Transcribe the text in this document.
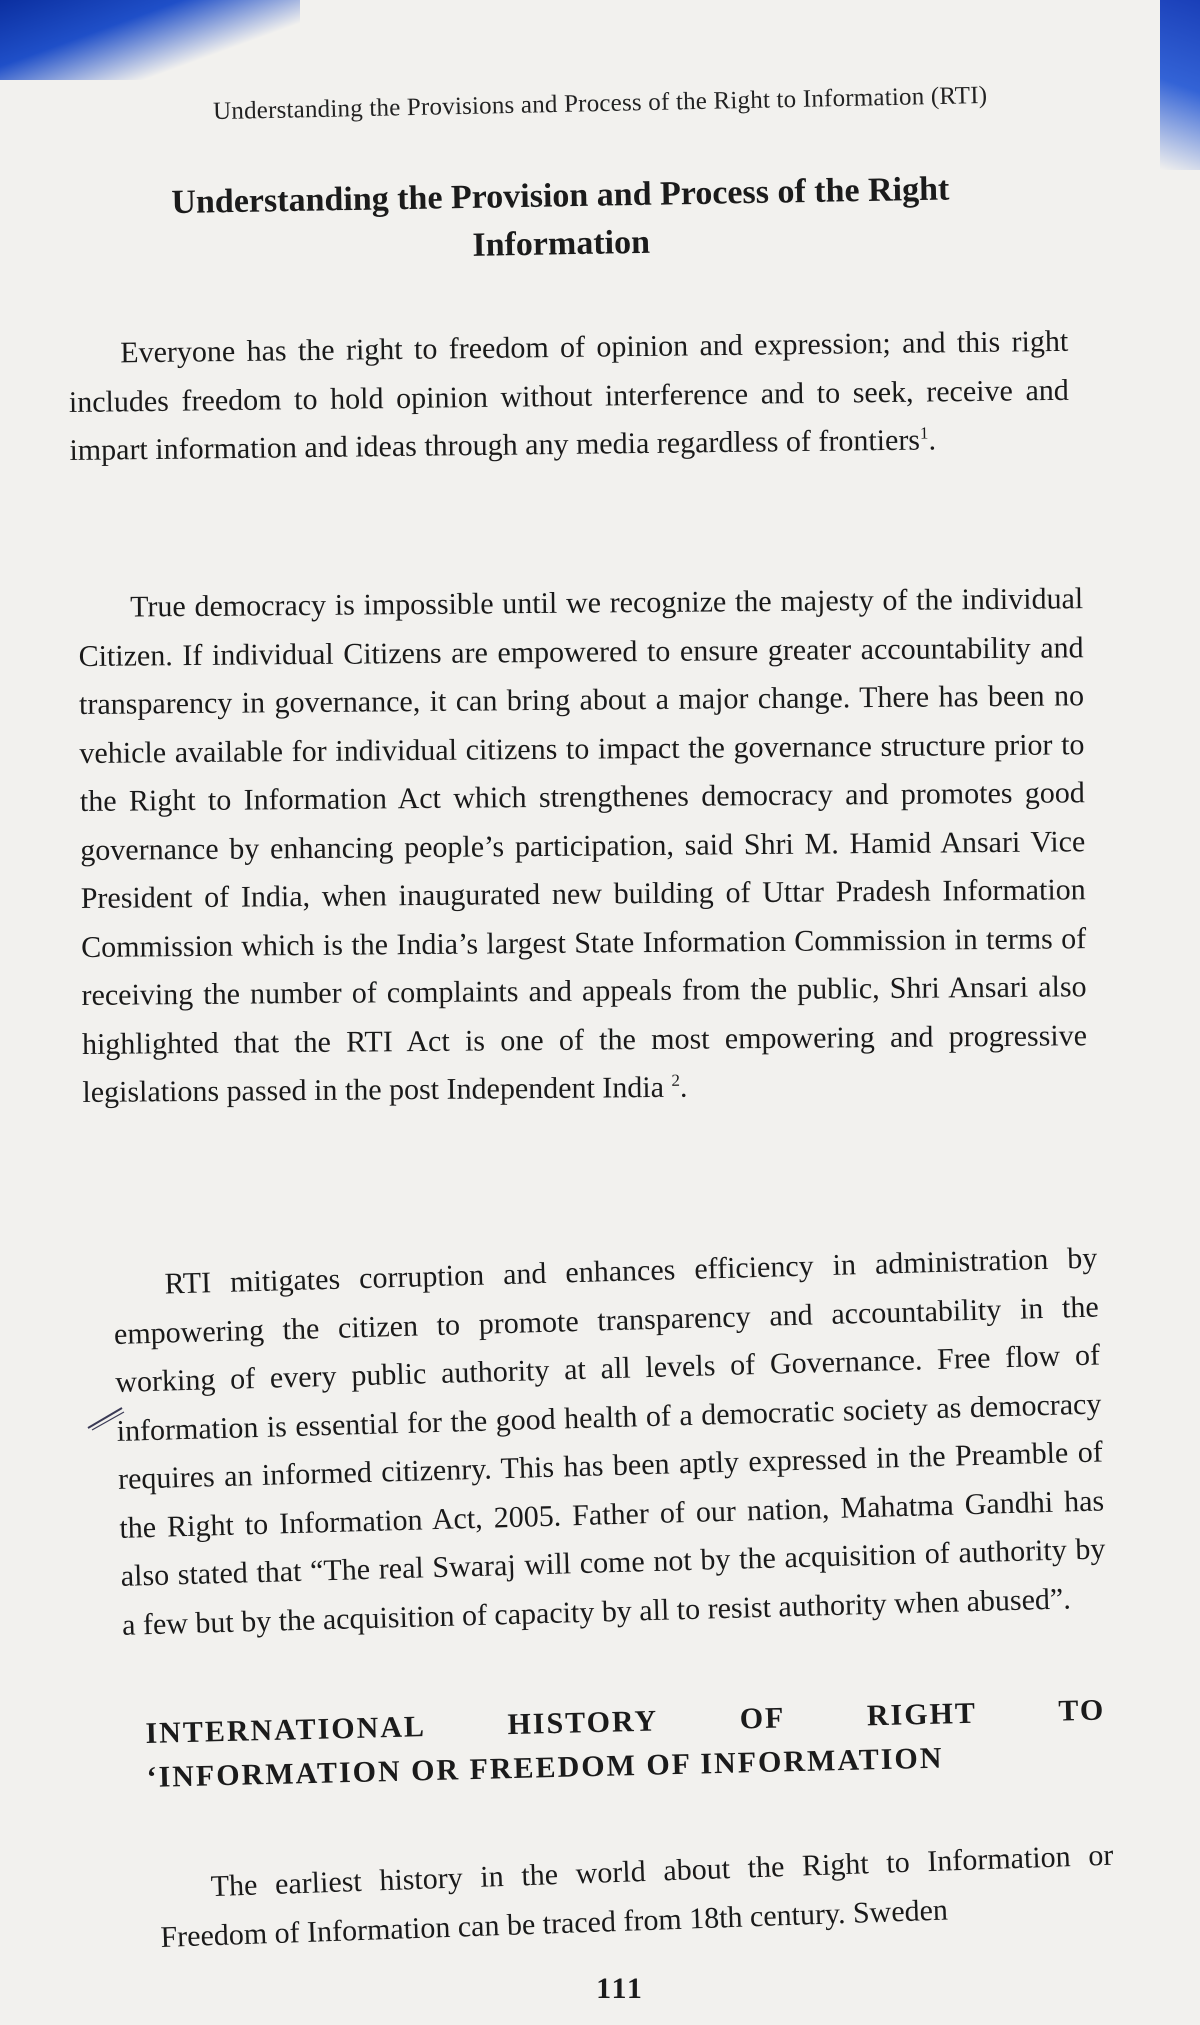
Understanding the Provisions and Process of the Right to Information (RTI)
Understanding the Provision and Process of the Right
Information

Everyone has the right to freedom of opinion and expression; and this right includes freedom to hold opinion without interference and to seek, receive and impart information and ideas through any media regardless of frontiers$^1$.

True democracy is impossible until we recognize the majesty of the individual Citizen. If individual Citizens are empowered to ensure greater accountability and transparency in governance, it can bring about a major change. There has been no vehicle available for individual citizens to impact the governance structure prior to the Right to Information Act which strengthenes democracy and promotes good governance by enhancing people’s participation, said Shri M. Hamid Ansari Vice President of India, when inaugurated new building of Uttar Pradesh Information Commission which is the India’s largest State Information Commission in terms of receiving the number of complaints and appeals from the public, Shri Ansari also highlighted that the RTI Act is one of the most empowering and progressive legislations passed in the post Independent India $^2$.

RTI mitigates corruption and enhances efficiency in administration by empowering the citizen to promote transparency and accountability in the working of every public authority at all levels of Governance. Free flow of information is essential for the good health of a democratic society as democracy requires an informed citizenry. This has been aptly expressed in the Preamble of the Right to Information Act, 2005. Father of our nation, Mahatma Gandhi has also stated that “The real Swaraj will come not by the acquisition of authority by a few but by the acquisition of capacity by all to resist authority when abused”.

INTERNATIONAL	HISTORY	OF	RIGHT	TO
‘INFORMATION OR FREEDOM OF INFORMATION

The earliest history in the world about the Right to Information or Freedom of Information can be traced from 18th century. Sweden

111
